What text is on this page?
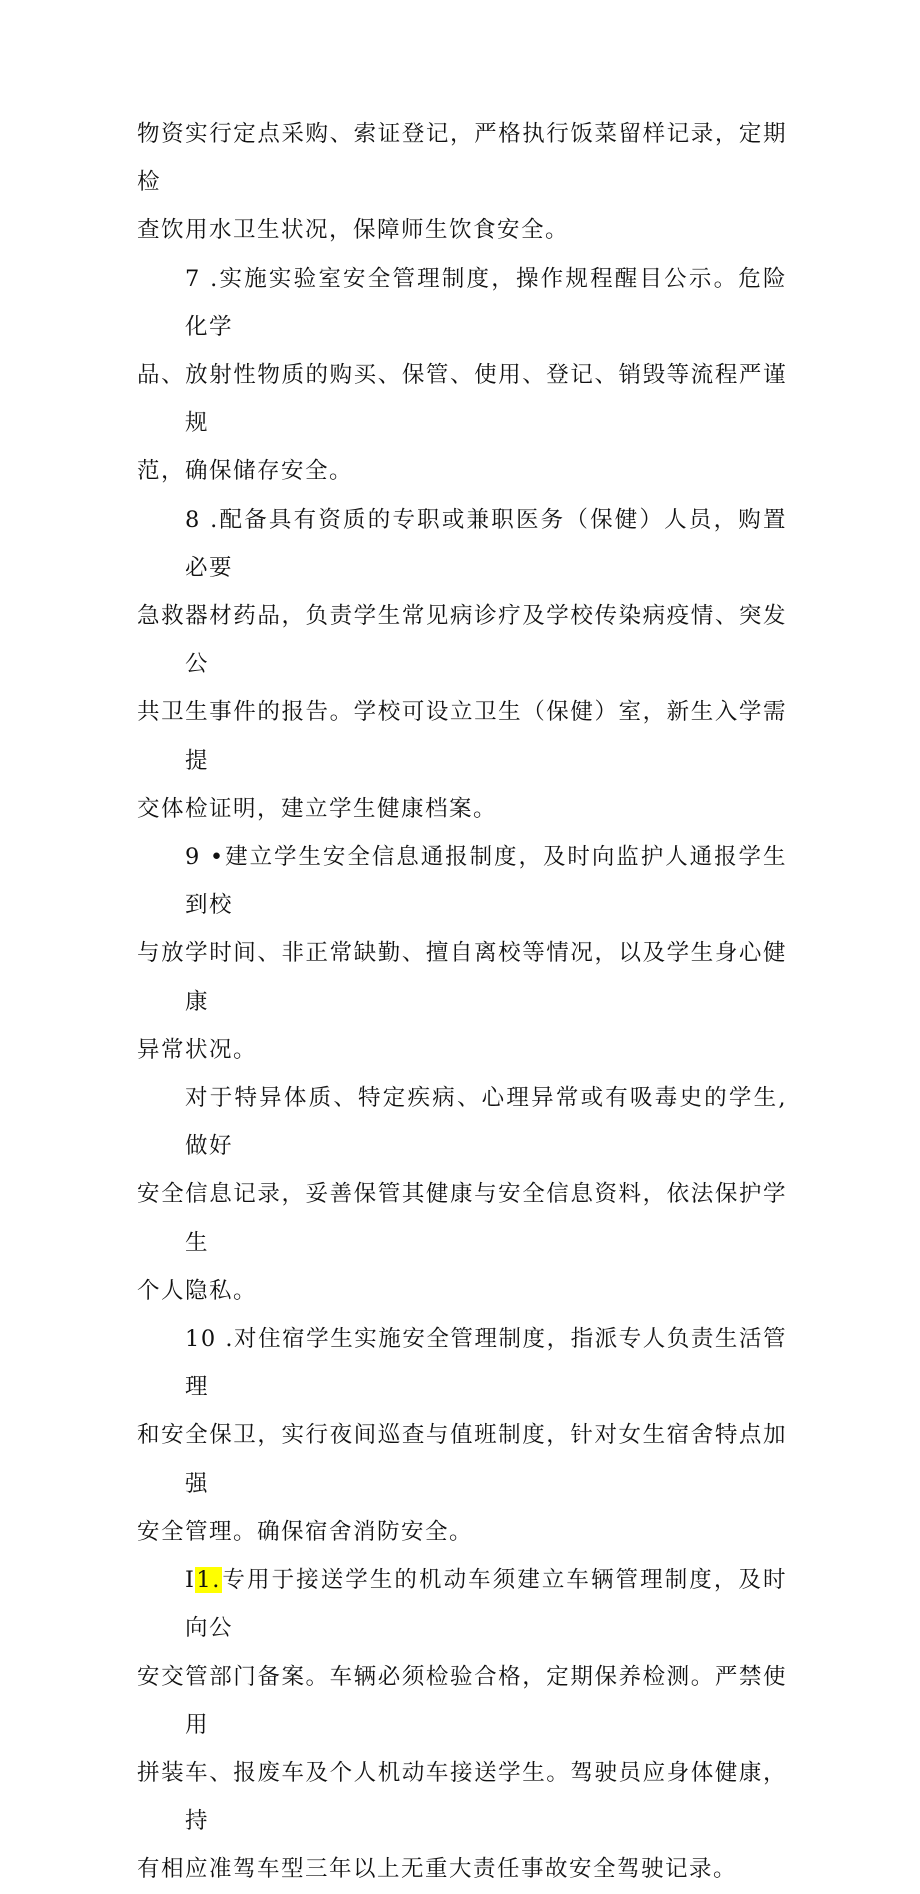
物资实行定点采购、索证登记，严格执行饭菜留样记录，定期检
查饮用水卫生状况，保障师生饮食安全。

7 .实施实验室安全管理制度，操作规程醒目公示。危险化学
品、放射性物质的购买、保管、使用、登记、销毁等流程严谨规
范，确保储存安全。

8 .配备具有资质的专职或兼职医务（保健）人员，购置必要
急救器材药品，负责学生常见病诊疗及学校传染病疫情、突发公
共卫生事件的报告。学校可设立卫生（保健）室，新生入学需提
交体检证明，建立学生健康档案。

9 •建立学生安全信息通报制度，及时向监护人通报学生到校
与放学时间、非正常缺勤、擅自离校等情况，以及学生身心健康
异常状况。

对于特异体质、特定疾病、心理异常或有吸毒史的学生,做好
安全信息记录，妥善保管其健康与安全信息资料，依法保护学生
个人隐私。

10 .对住宿学生实施安全管理制度，指派专人负责生活管理
和安全保卫，实行夜间巡查与值班制度，针对女生宿舍特点加强
安全管理。确保宿舍消防安全。

I1.专用于接送学生的机动车须建立车辆管理制度，及时向公
安交管部门备案。车辆必须检验合格，定期保养检测。严禁使用
拼装车、报废车及个人机动车接送学生。驾驶员应身体健康，持
有相应准驾车型三年以上无重大责任事故安全驾驶记录。
